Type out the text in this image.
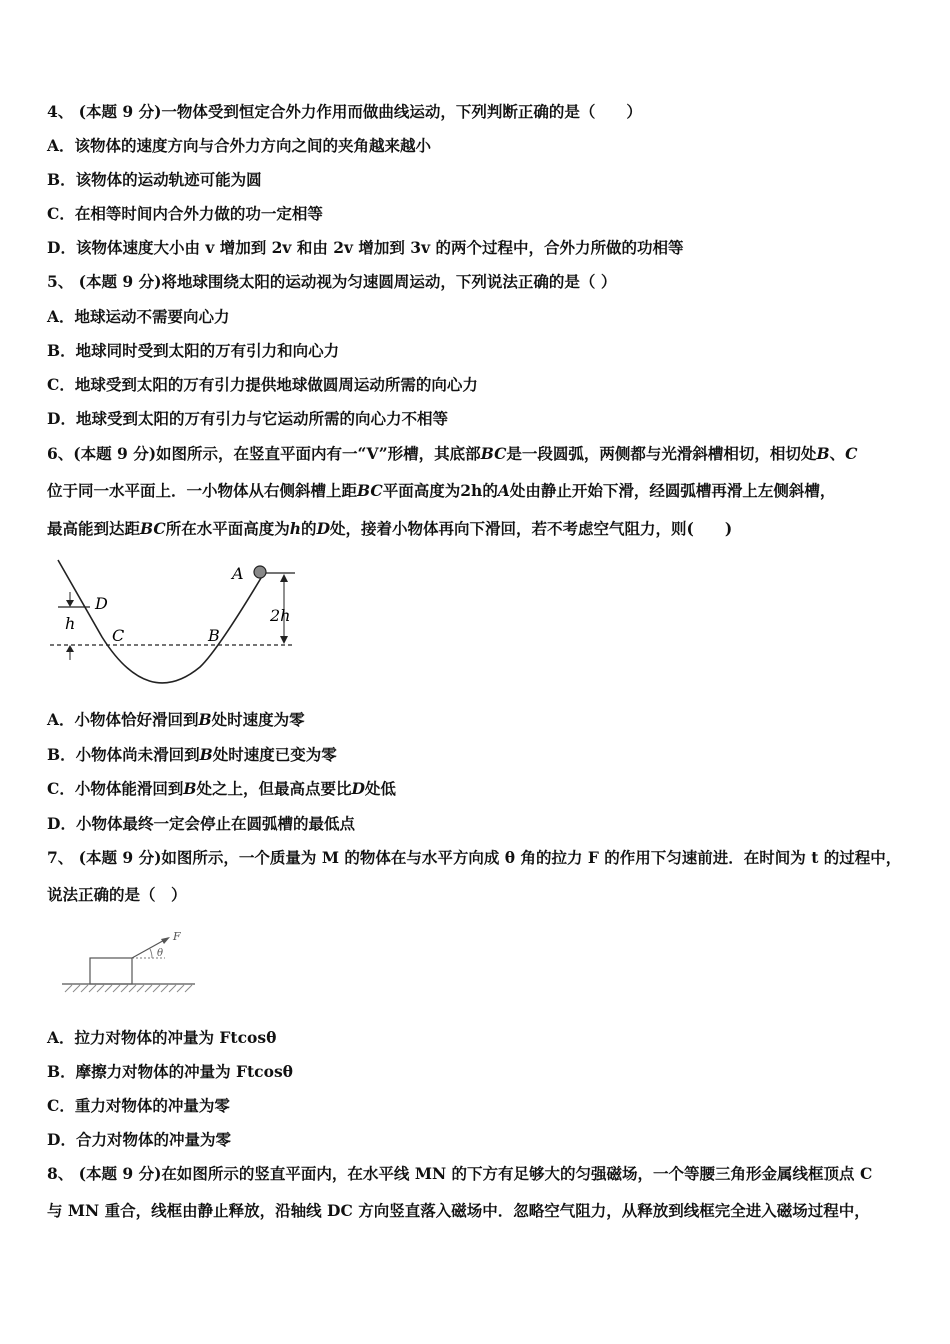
4、 (本题 9 分)一物体受到恒定合外力作用而做曲线运动，下列判断正确的是（　　）
A．该物体的速度方向与合外力方向之间的夹角越来越小
B．该物体的运动轨迹可能为圆
C．在相等时间内合外力做的功一定相等
D．该物体速度大小由 v 增加到 2v 和由 2v 增加到 3v 的两个过程中，合外力所做的功相等
5、 (本题 9 分)将地球围绕太阳的运动视为匀速圆周运动，下列说法正确的是（ ）
A．地球运动不需要向心力
B．地球同时受到太阳的万有引力和向心力
C．地球受到太阳的万有引力提供地球做圆周运动所需的向心力
D．地球受到太阳的万有引力与它运动所需的向心力不相等
6、(本题 9 分)如图所示，在竖直平面内有一“V”形槽，其底部BC是一段圆弧，两侧都与光滑斜槽相切，相切处B、C
位于同一水平面上．一小物体从右侧斜槽上距BC平面高度为2h的A处由静止开始下滑，经圆弧槽再滑上左侧斜槽，
最高能到达距BC所在水平面高度为h的D处，接着小物体再向下滑回，若不考虑空气阻力，则(　　)
A
D
h
C	B
2h
A．小物体恰好滑回到B处时速度为零
B．小物体尚未滑回到B处时速度已变为零
C．小物体能滑回到B处之上，但最高点要比D处低
D．小物体最终一定会停止在圆弧槽的最低点
7、 (本题 9 分)如图所示，一个质量为 M 的物体在与水平方向成 θ 角的拉力 F 的作用下匀速前进．在时间为 t 的过程中，
说法正确的是（　）
F
θ
A．拉力对物体的冲量为 Ftcosθ
B．摩擦力对物体的冲量为 Ftcosθ
C．重力对物体的冲量为零
D．合力对物体的冲量为零
8、 (本题 9 分)在如图所示的竖直平面内，在水平线 MN 的下方有足够大的匀强磁场，一个等腰三角形金属线框顶点 C
与 MN 重合，线框由静止释放，沿轴线 DC 方向竖直落入磁场中．忽略空气阻力，从释放到线框完全进入磁场过程中，
